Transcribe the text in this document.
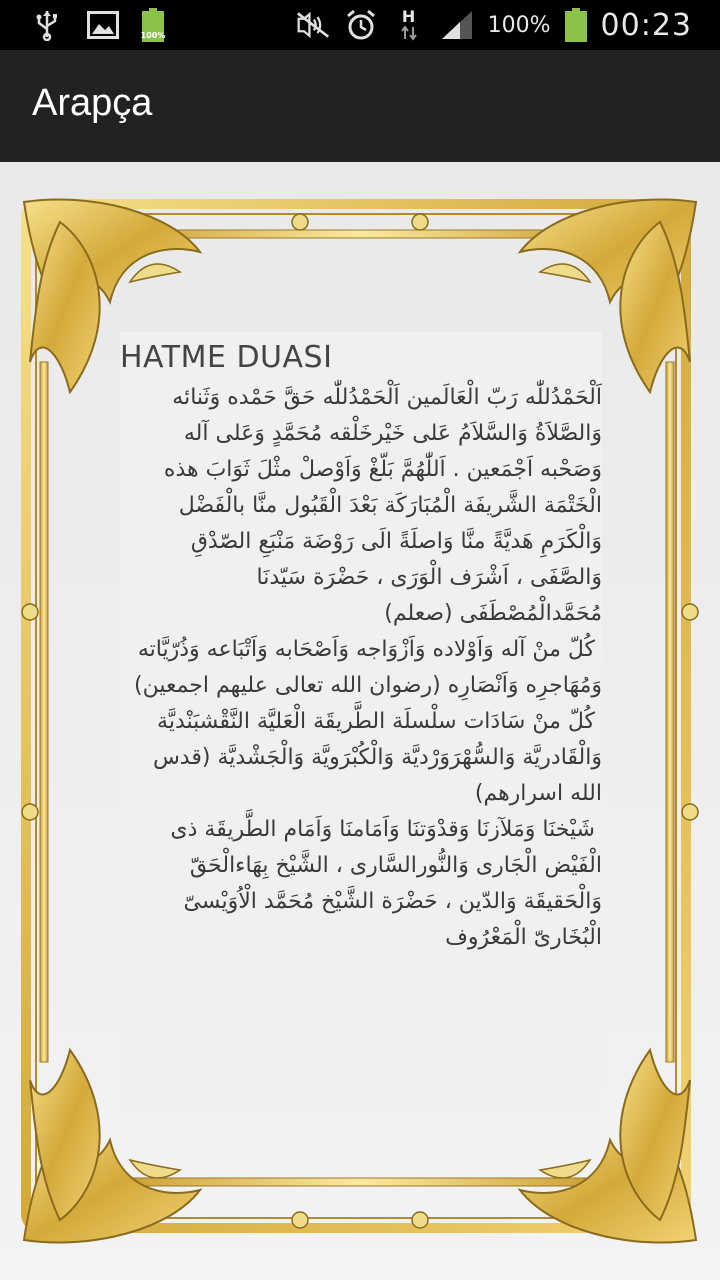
100%
H	100% 00:23
Arapça
HATME DUASI
اَلْحَمْدُللّٰه رَبّ الْعَالَمين اَلْحَمْدُللّٰه حَقَّ حَمْده وَثَنائه وَالصَّلاَةُ وَالسَّلاَمُ عَلى خَيْرخَلْقه مُحَمَّدٍ وَعَلى آله وَصَحْبه اَجْمَعين . اَللّٰهُمَّ بَلّغْ وَاَوْصلْ مثْلَ ثَوَابَ هذه الْخَتْمَة الشَّريفَة الْمُبَارَكَة بَعْدَ الْقَبُول منَّا بالْفَضْل وَالْكَرَمِ هَديَّةً منَّا وَاصلَةً الَى رَوْضَة مَنْبَعِ الصّدْقِ وَالصَّفَى ، اَشْرَف الْوَرَى ، حَضْرَة سَيّدنَا مُحَمَّدالْمُصْطَفَى (صعلم)
كُلّ منْ آله وَاَوْلاده وَاَزْوَاجه وَاَصْحَابه وَاَتْبَاعه وَذُرّيَّاته وَمُهَاجرِه وَاَنْصَارِه (رضوان الله تعالى عليهم اجمعين)
كُلّ منْ سَادَات سلْسلَة الطَّريقَة الْعَليَّة النَّقْشبَنْديَّة وَالْقَادريَّة وَالسُّهْرَوَرْديَّة وَالْكُبْرَويَّة وَالْجَشْديَّة (قدس الله اسرارهم)
شَيْخنَا وَمَلآزنَا وَقدْوَتنَا وَاَمَامنَا وَاَمَام الطَّريقَة ذى الْفَيْض الْجَارى وَالنُّورالسَّارى ، الشَّيْخ بِهَاءالْحَقّ وَالْحَقيقَة وَالدّين ، حَضْرَة الشَّيْخ مُحَمَّد الْاُوَيْسىّ الْبُخَارىّ الْمَعْرُوف
